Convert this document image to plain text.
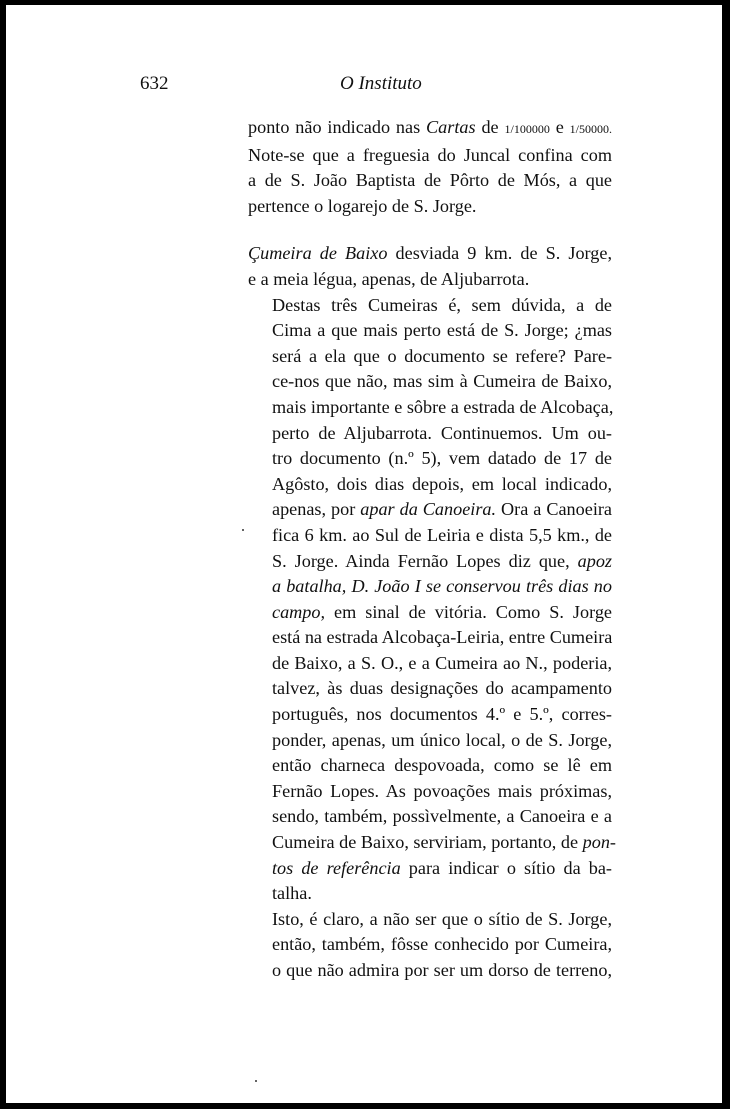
632	O Instituto

ponto não indicado nas Cartas de 1/100000 e 1/50000.
Note-se que a freguesia do Juncal confina com
a de S. João Baptista de Pôrto de Mós, a que
pertence o logarejo de S. Jorge.

Çumeira de Baixo desviada 9 km. de S. Jorge,
e a meia légua, apenas, de Aljubarrota.

Destas três Cumeiras é, sem dúvida, a de
Cima a que mais perto está de S. Jorge; ¿mas
será a ela que o documento se refere? Pare-
ce-nos que não, mas sim à Cumeira de Baixo,
mais importante e sôbre a estrada de Alcobaça,
perto de Aljubarrota. Continuemos. Um ou-
tro documento (n.º 5), vem datado de 17 de
Agôsto, dois dias depois, em local indicado,
apenas, por apar da Canoeira. Ora a Canoeira
fica 6 km. ao Sul de Leiria e dista 5,5 km., de
S. Jorge. Ainda Fernão Lopes diz que, apoz
a batalha, D. João I se conservou três dias no
campo, em sinal de vitória. Como S. Jorge
está na estrada Alcobaça-Leiria, entre Cumeira
de Baixo, a S. O., e a Cumeira ao N., poderia,
talvez, às duas designações do acampamento
português, nos documentos 4.º e 5.º, corres-
ponder, apenas, um único local, o de S. Jorge,
então charneca despovoada, como se lê em
Fernão Lopes. As povoações mais próximas,
sendo, também, possìvelmente, a Canoeira e a
Cumeira de Baixo, serviriam, portanto, de pon-
tos de referência para indicar o sítio da ba-
talha.

Isto, é claro, a não ser que o sítio de S. Jorge,
então, também, fôsse conhecido por Cumeira,
o que não admira por ser um dorso de terreno,
